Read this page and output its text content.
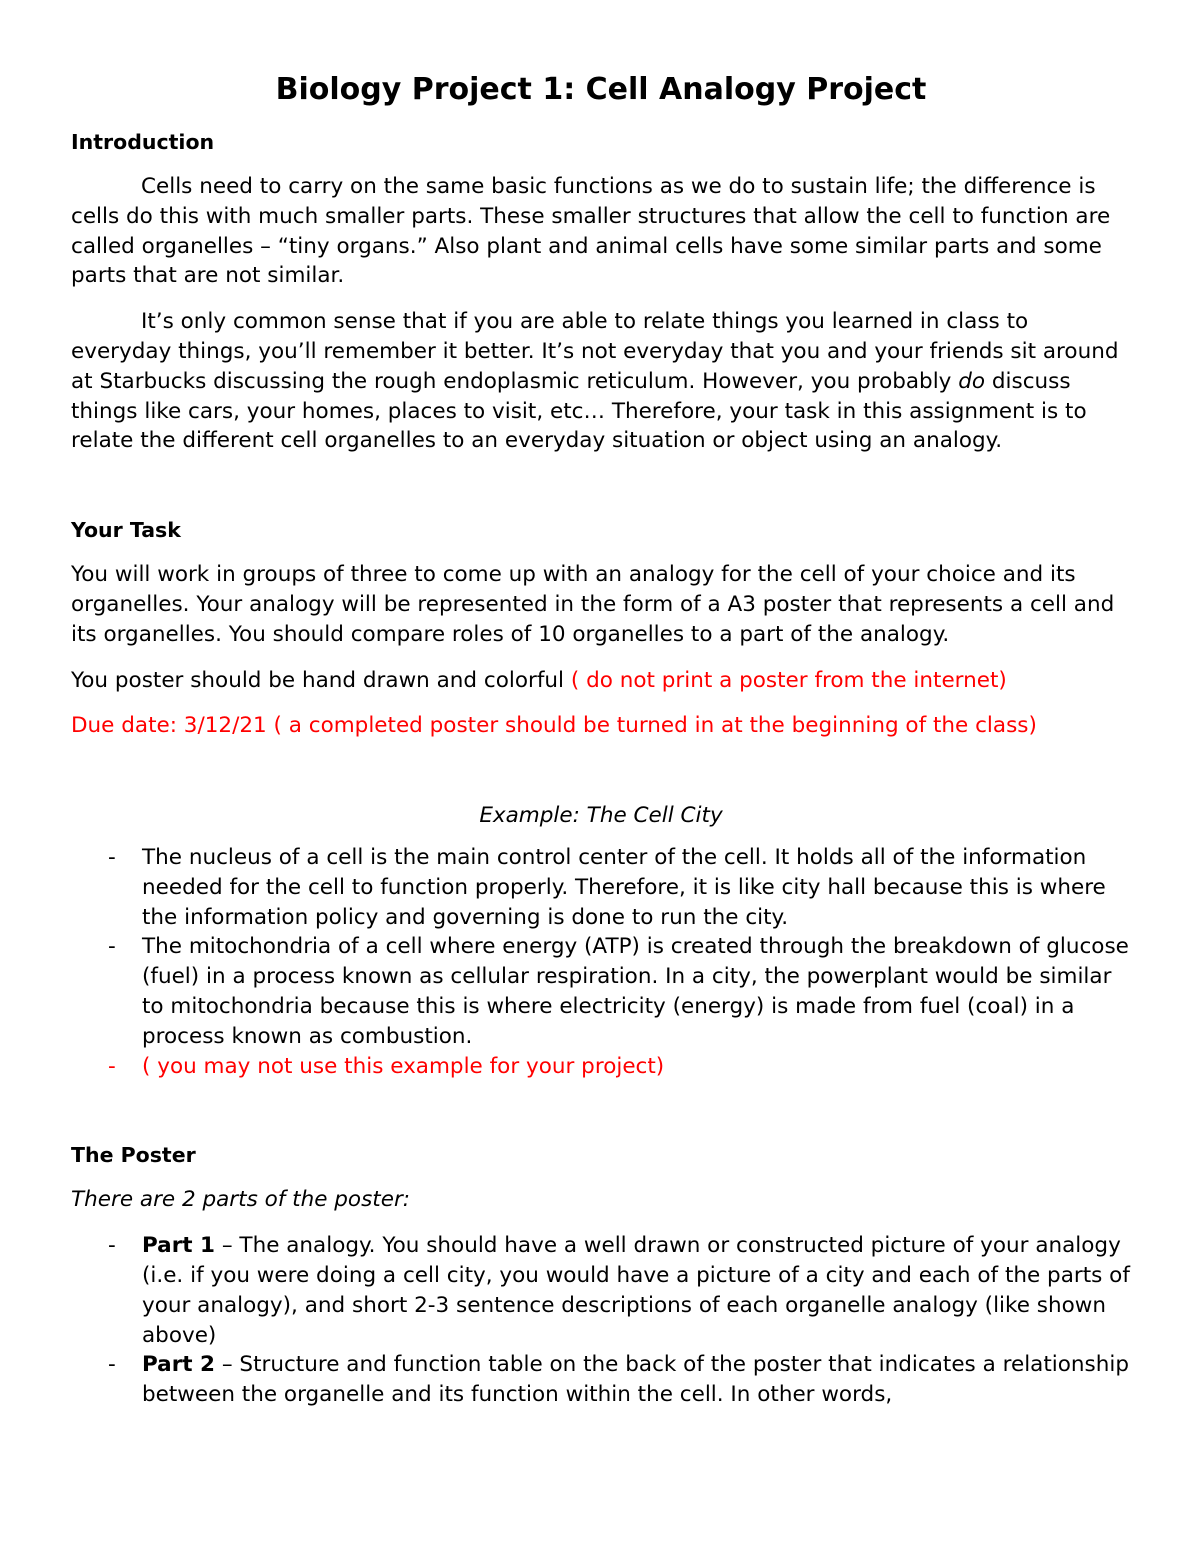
Biology Project 1: Cell Analogy Project
Introduction

Cells need to carry on the same basic functions as we do to sustain life; the difference is cells do this with much smaller parts. These smaller structures that allow the cell to function are called organelles – “tiny organs.” Also plant and animal cells have some similar parts and some parts that are not similar.

It’s only common sense that if you are able to relate things you learned in class to everyday things, you’ll remember it better. It’s not everyday that you and your friends sit around at Starbucks discussing the rough endoplasmic reticulum. However, you probably do discuss things like cars, your homes, places to visit, etc… Therefore, your task in this assignment is to relate the different cell organelles to an everyday situation or object using an analogy.

Your Task

You will work in groups of three to come up with an analogy for the cell of your choice and its organelles. Your analogy will be represented in the form of a A3 poster that represents a cell and its organelles. You should compare roles of 10 organelles to a part of the analogy.

You poster should be hand drawn and colorful ( do not print a poster from the internet)

Due date: 3/12/21 ( a completed poster should be turned in at the beginning of the class)

Example: The Cell City

- The nucleus of a cell is the main control center of the cell. It holds all of the information needed for the cell to function properly. Therefore, it is like city hall because this is where the information policy and governing is done to run the city.
- The mitochondria of a cell where energy (ATP) is created through the breakdown of glucose (fuel) in a process known as cellular respiration. In a city, the powerplant would be similar to mitochondria because this is where electricity (energy) is made from fuel (coal) in a process known as combustion.
- ( you may not use this example for your project)
The Poster

There are 2 parts of the poster:

- Part 1 – The analogy. You should have a well drawn or constructed picture of your analogy (i.e. if you were doing a cell city, you would have a picture of a city and each of the parts of your analogy), and short 2-3 sentence descriptions of each organelle analogy (like shown above)
- Part 2 – Structure and function table on the back of the poster that indicates a relationship between the organelle and its function within the cell. In other words,
